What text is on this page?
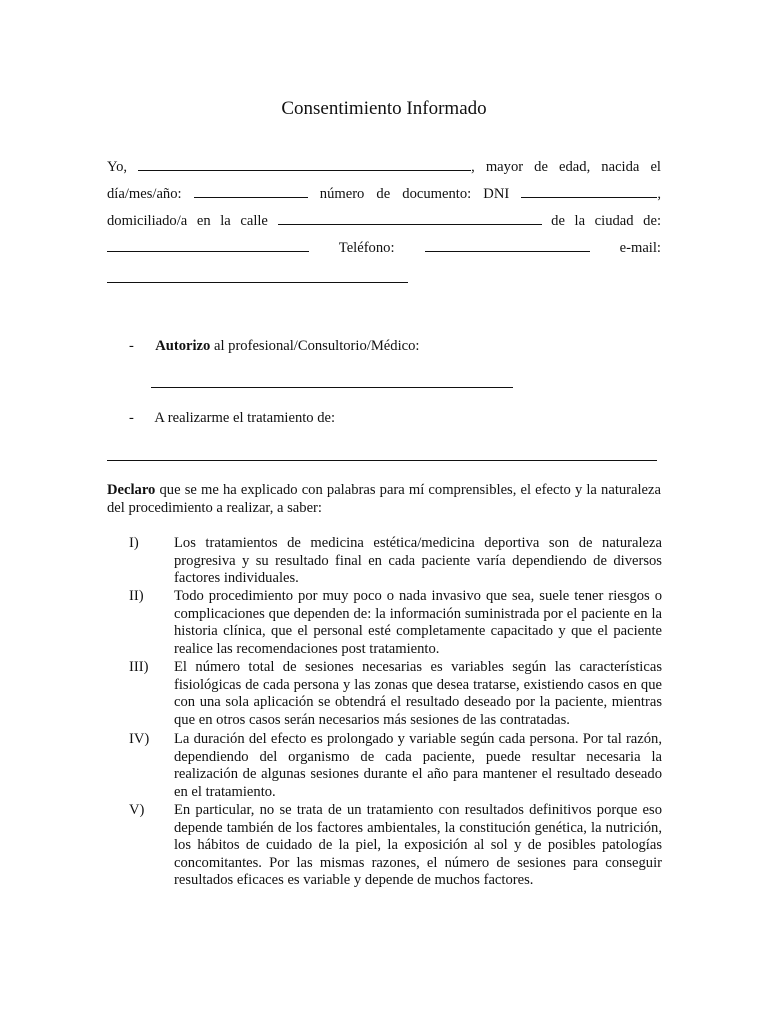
Consentimiento Informado
Yo,	, mayor de edad, nacida el
día/mes/año:	número de documento: DNI	,
domiciliado/a en la calle	de la ciudad de:
Teléfono:	e-mail:
- Autorizo al profesional/Consultorio/Médico:
- A realizarme el tratamiento de:
Declaro que se me ha explicado con palabras para mí comprensibles, el efecto y la naturaleza del procedimiento a realizar, a saber:
I) Los tratamientos de medicina estética/medicina deportiva son de naturaleza progresiva y su resultado final en cada paciente varía dependiendo de diversos factores individuales.
II) Todo procedimiento por muy poco o nada invasivo que sea, suele tener riesgos o complicaciones que dependen de: la información suministrada por el paciente en la historia clínica, que el personal esté completamente capacitado y que el paciente realice las recomendaciones post tratamiento.
III) El número total de sesiones necesarias es variables según las características fisiológicas de cada persona y las zonas que desea tratarse, existiendo casos en que con una sola aplicación se obtendrá el resultado deseado por la paciente, mientras que en otros casos serán necesarios más sesiones de las contratadas.
IV) La duración del efecto es prolongado y variable según cada persona. Por tal razón, dependiendo del organismo de cada paciente, puede resultar necesaria la realización de algunas sesiones durante el año para mantener el resultado deseado en el tratamiento.
V) En particular, no se trata de un tratamiento con resultados definitivos porque eso depende también de los factores ambientales, la constitución genética, la nutrición, los hábitos de cuidado de la piel, la exposición al sol y de posibles patologías concomitantes. Por las mismas razones, el número de sesiones para conseguir resultados eficaces es variable y depende de muchos factores.
